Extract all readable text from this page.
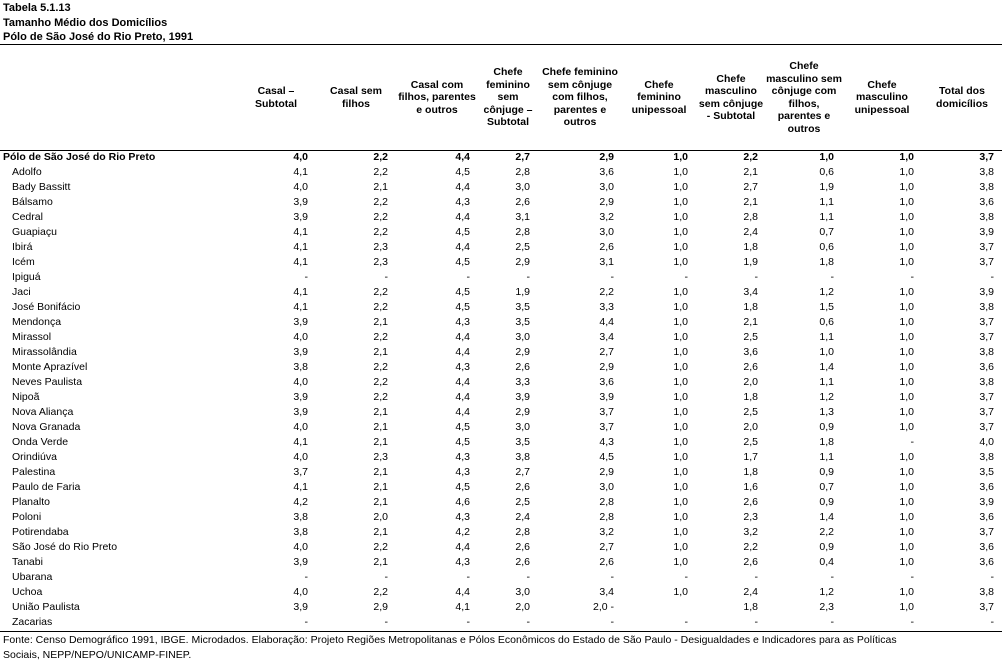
Tabela 5.1.13
Tamanho Médio dos Domicílios
Pólo de São José do Rio Preto, 1991
	Casal – Subtotal	Casal sem filhos	Casal com filhos, parentes e outros	Chefe feminino sem cônjuge – Subtotal	Chefe feminino sem cônjuge com filhos, parentes e outros	Chefe feminino unipessoal	Chefe masculino sem cônjuge - Subtotal	Chefe masculino sem cônjuge com filhos, parentes e outros	Chefe masculino unipessoal	Total dos domicílios
Pólo de São José do Rio Preto	4,0	2,2	4,4	2,7	2,9	1,0	2,2	1,0	1,0	3,7
Adolfo	4,1	2,2	4,5	2,8	3,6	1,0	2,1	0,6	1,0	3,8
Bady Bassitt	4,0	2,1	4,4	3,0	3,0	1,0	2,7	1,9	1,0	3,8
Bálsamo	3,9	2,2	4,3	2,6	2,9	1,0	2,1	1,1	1,0	3,6
Cedral	3,9	2,2	4,4	3,1	3,2	1,0	2,8	1,1	1,0	3,8
Guapiaçu	4,1	2,2	4,5	2,8	3,0	1,0	2,4	0,7	1,0	3,9
Ibirá	4,1	2,3	4,4	2,5	2,6	1,0	1,8	0,6	1,0	3,7
Icém	4,1	2,3	4,5	2,9	3,1	1,0	1,9	1,8	1,0	3,7
Ipiguá	-	-	-	-	-	-	-	-	-	-
Jaci	4,1	2,2	4,5	1,9	2,2	1,0	3,4	1,2	1,0	3,9
José Bonifácio	4,1	2,2	4,5	3,5	3,3	1,0	1,8	1,5	1,0	3,8
Mendonça	3,9	2,1	4,3	3,5	4,4	1,0	2,1	0,6	1,0	3,7
Mirassol	4,0	2,2	4,4	3,0	3,4	1,0	2,5	1,1	1,0	3,7
Mirassolândia	3,9	2,1	4,4	2,9	2,7	1,0	3,6	1,0	1,0	3,8
Monte Aprazível	3,8	2,2	4,3	2,6	2,9	1,0	2,6	1,4	1,0	3,6
Neves Paulista	4,0	2,2	4,4	3,3	3,6	1,0	2,0	1,1	1,0	3,8
Nipoã	3,9	2,2	4,4	3,9	3,9	1,0	1,8	1,2	1,0	3,7
Nova Aliança	3,9	2,1	4,4	2,9	3,7	1,0	2,5	1,3	1,0	3,7
Nova Granada	4,0	2,1	4,5	3,0	3,7	1,0	2,0	0,9	1,0	3,7
Onda Verde	4,1	2,1	4,5	3,5	4,3	1,0	2,5	1,8	-	4,0
Orindiúva	4,0	2,3	4,3	3,8	4,5	1,0	1,7	1,1	1,0	3,8
Palestina	3,7	2,1	4,3	2,7	2,9	1,0	1,8	0,9	1,0	3,5
Paulo de Faria	4,1	2,1	4,5	2,6	3,0	1,0	1,6	0,7	1,0	3,6
Planalto	4,2	2,1	4,6	2,5	2,8	1,0	2,6	0,9	1,0	3,9
Poloni	3,8	2,0	4,3	2,4	2,8	1,0	2,3	1,4	1,0	3,6
Potirendaba	3,8	2,1	4,2	2,8	3,2	1,0	3,2	2,2	1,0	3,7
São José do Rio Preto	4,0	2,2	4,4	2,6	2,7	1,0	2,2	0,9	1,0	3,6
Tanabi	3,9	2,1	4,3	2,6	2,6	1,0	2,6	0,4	1,0	3,6
Ubarana	-	-	-	-	-	-	-	-	-	-
Uchoa	4,0	2,2	4,4	3,0	3,4	1,0	2,4	1,2	1,0	3,8
União Paulista	3,9	2,9	4,1	2,0	2,0 -		1,8	2,3	1,0	3,7
Zacarias	-	-	-	-	-	-	-	-	-	-
Fonte: Censo Demográfico 1991, IBGE. Microdados. Elaboração: Projeto Regiões Metropolitanas e Pólos Econômicos do Estado de São Paulo - Desigualdades e Indicadores para as Políticas
Sociais, NEPP/NEPO/UNICAMP-FINEP.
